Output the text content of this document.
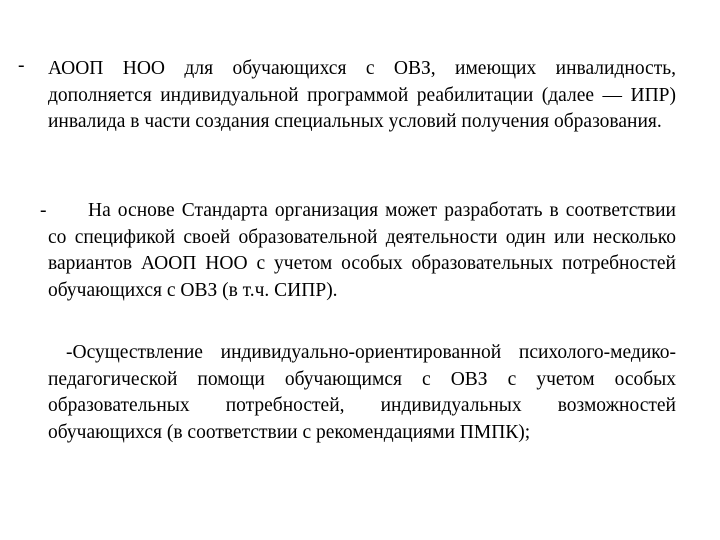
- АООП НОО для обучающихся с ОВЗ, имеющих инвалидность, дополняется индивидуальной программой реабилитации (далее — ИПР) инвалида в части создания специальных условий получения образования.

-	На основе Стандарта организация может разработать в соответствии со спецификой своей образовательной деятельности один или несколько вариантов АООП НОО с учетом особых образовательных потребностей обучающихся с ОВЗ (в т.ч. СИПР).

-Осуществление индивидуально-ориентированной психолого-медико-педагогической помощи обучающимся с ОВЗ с учетом особых образовательных потребностей, индивидуальных возможностей обучающихся (в соответствии с рекомендациями ПМПК);
